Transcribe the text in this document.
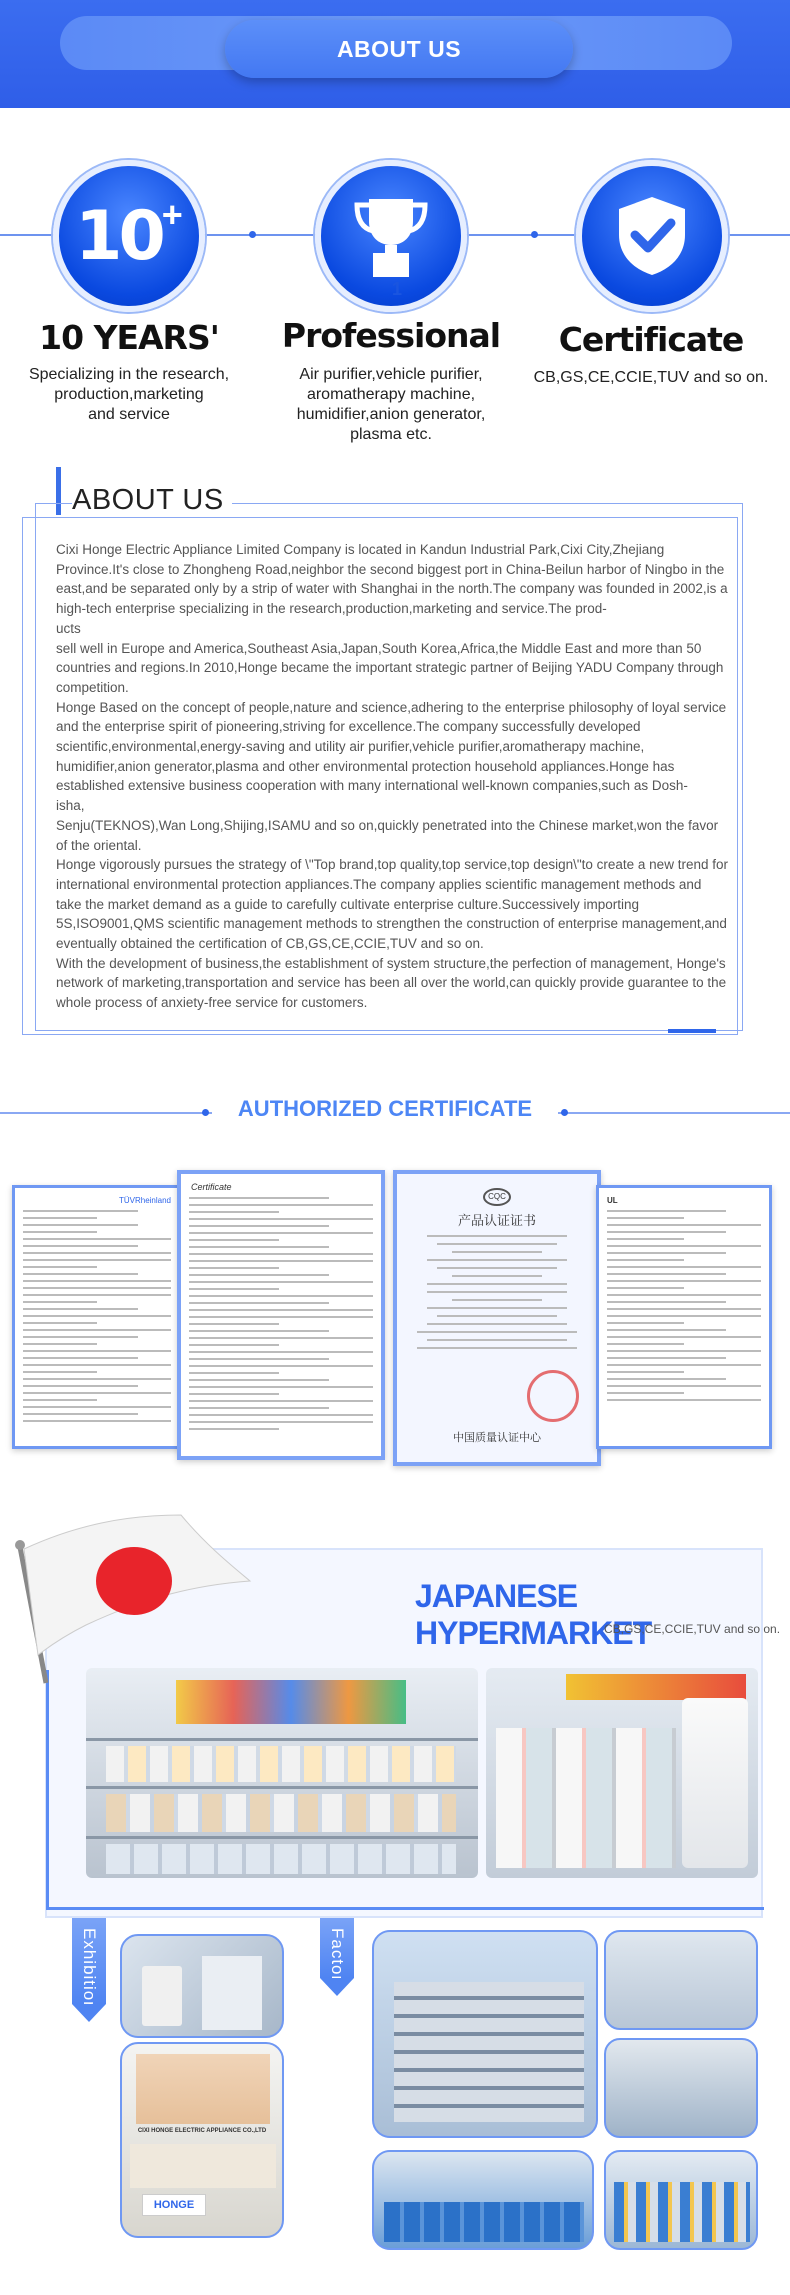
ABOUT US
10 +
1
10 YEARS'
Specializing in the research,
production,marketing
and service
Professional
Air purifier,vehicle purifier,
aromatherapy machine,
humidifier,anion generator,
plasma etc.
Certificate
CB,GS,CE,CCIE,TUV and so on.
ABOUT US
Cixi Honge Electric Appliance Limited Company is located in Kandun Industrial Park,Cixi City,Zhejiang Province.It's close to Zhongheng Road,neighbor the second biggest port in China-Beilun harbor of Ningbo in the east,and be separated only by a strip of water with Shanghai in the north.The company was founded in 2002,is a high-tech enterprise specializing in the research,production,marketing and service.The prod-
ucts
sell well in Europe and America,Southeast Asia,Japan,South Korea,Africa,the Middle East and more than 50 countries and regions.In 2010,Honge became the important strategic partner of Beijing YADU Company through competition.
Honge Based on the concept of people,nature and science,adhering to the enterprise philosophy of loyal service and the enterprise spirit of pioneering,striving for excellence.The company successfully developed scientific,environmental,energy-saving and utility air purifier,vehicle purifier,aromatherapy machine, humidifier,anion generator,plasma and other environmental protection household appliances.Honge has established extensive business cooperation with many international well-known companies,such as Dosh-
isha,
Senju(TEKNOS),Wan Long,Shijing,ISAMU and so on,quickly penetrated into the Chinese market,won the favor of the oriental.
Honge vigorously pursues the strategy of \"Top brand,top quality,top service,top design\"to create a new trend for international environmental protection appliances.The company applies scientific management methods and take the market demand as a guide to carefully cultivate enterprise culture.Successively importing 5S,ISO9001,QMS scientific management methods to strengthen the construction of enterprise management,and eventually obtained the certification of CB,GS,CE,CCIE,TUV and so on.
With the development of business,the establishment of system structure,the perfection of management, Honge's network of marketing,transportation and service has been all over the world,can quickly provide guarantee to the whole process of anxiety-free service for customers.
AUTHORIZED CERTIFICATE
TÜVRheinland
Certificate
CQC
产品认证证书
中国质量认证中心
UL
JAPANESE HYPERMARKET
CB,GS,CE,CCIE,TUV and so on.
Exhibition	Factory
CIXI HONGE ELECTRIC APPLIANCE CO.,LTD
HONGE
